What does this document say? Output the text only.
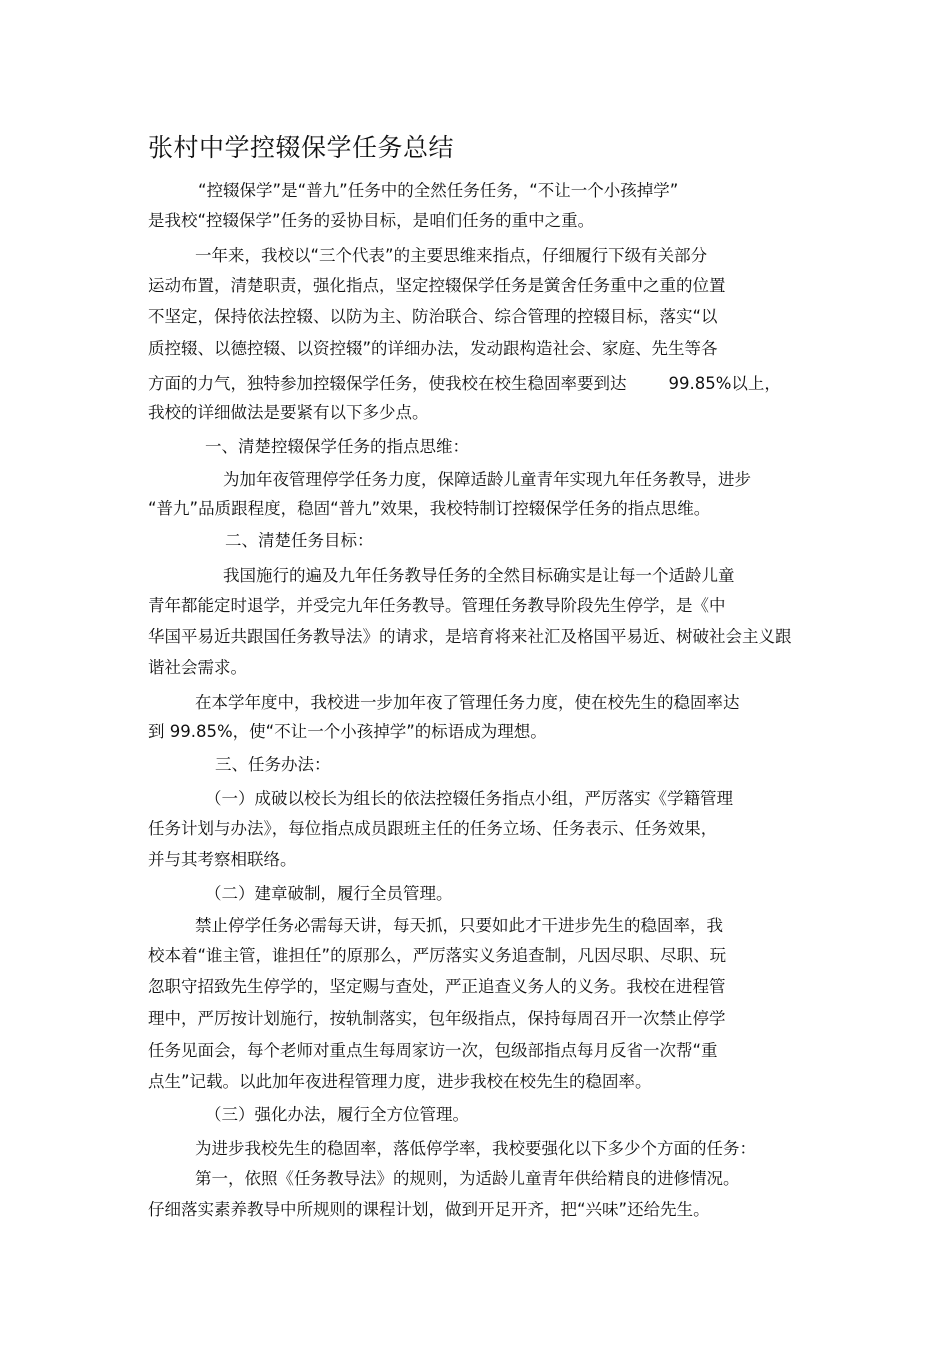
张村中学控辍保学任务总结
“控辍保学”是“普九”任务中的全然任务任务，“不让一个小孩掉学”
是我校“控辍保学”任务的妥协目标，是咱们任务的重中之重。
一年来，我校以“三个代表”的主要思维来指点，仔细履行下级有关部分
运动布置，清楚职责，强化指点，坚定控辍保学任务是黉舍任务重中之重的位置
不坚定，保持依法控辍、以防为主、防治联合、综合管理的控辍目标，落实“以
质控辍、以德控辍、以资控辍”的详细办法，发动跟构造社会、家庭、先生等各
方面的力气，独特参加控辍保学任务，使我校在校生稳固率要到达        99.85%以上，
我校的详细做法是要紧有以下多少点。
一、清楚控辍保学任务的指点思维：
为加年夜管理停学任务力度，保障适龄儿童青年实现九年任务教导，进步
“普九”品质跟程度，稳固“普九”效果，我校特制订控辍保学任务的指点思维。
二、清楚任务目标：
我国施行的遍及九年任务教导任务的全然目标确实是让每一个适龄儿童
青年都能定时退学，并受完九年任务教导。管理任务教导阶段先生停学，是《中
华国平易近共跟国任务教导法》的请求，是培育将来社汇及格国平易近、树破社会主义跟
谐社会需求。
在本学年度中，我校进一步加年夜了管理任务力度，使在校先生的稳固率达
到 99.85%，使“不让一个小孩掉学”的标语成为理想。
三、任务办法：
（一）成破以校长为组长的依法控辍任务指点小组，严厉落实《学籍管理
任务计划与办法》，每位指点成员跟班主任的任务立场、任务表示、任务效果，
并与其考察相联络。
（二）建章破制，履行全员管理。
禁止停学任务必需每天讲，每天抓，只要如此才干进步先生的稳固率，我
校本着“谁主管，谁担任”的原那么，严厉落实义务追查制，凡因尽职、尽职、玩
忽职守招致先生停学的，坚定赐与查处，严正追查义务人的义务。我校在进程管
理中，严厉按计划施行，按轨制落实，包年级指点，保持每周召开一次禁止停学
任务见面会，每个老师对重点生每周家访一次，包级部指点每月反省一次帮“重
点生”记载。以此加年夜进程管理力度，进步我校在校先生的稳固率。
（三）强化办法，履行全方位管理。
为进步我校先生的稳固率，落低停学率，我校要强化以下多少个方面的任务：
第一，依照《任务教导法》的规则，为适龄儿童青年供给精良的进修情况。
仔细落实素养教导中所规则的课程计划，做到开足开齐，把“兴味”还给先生。
